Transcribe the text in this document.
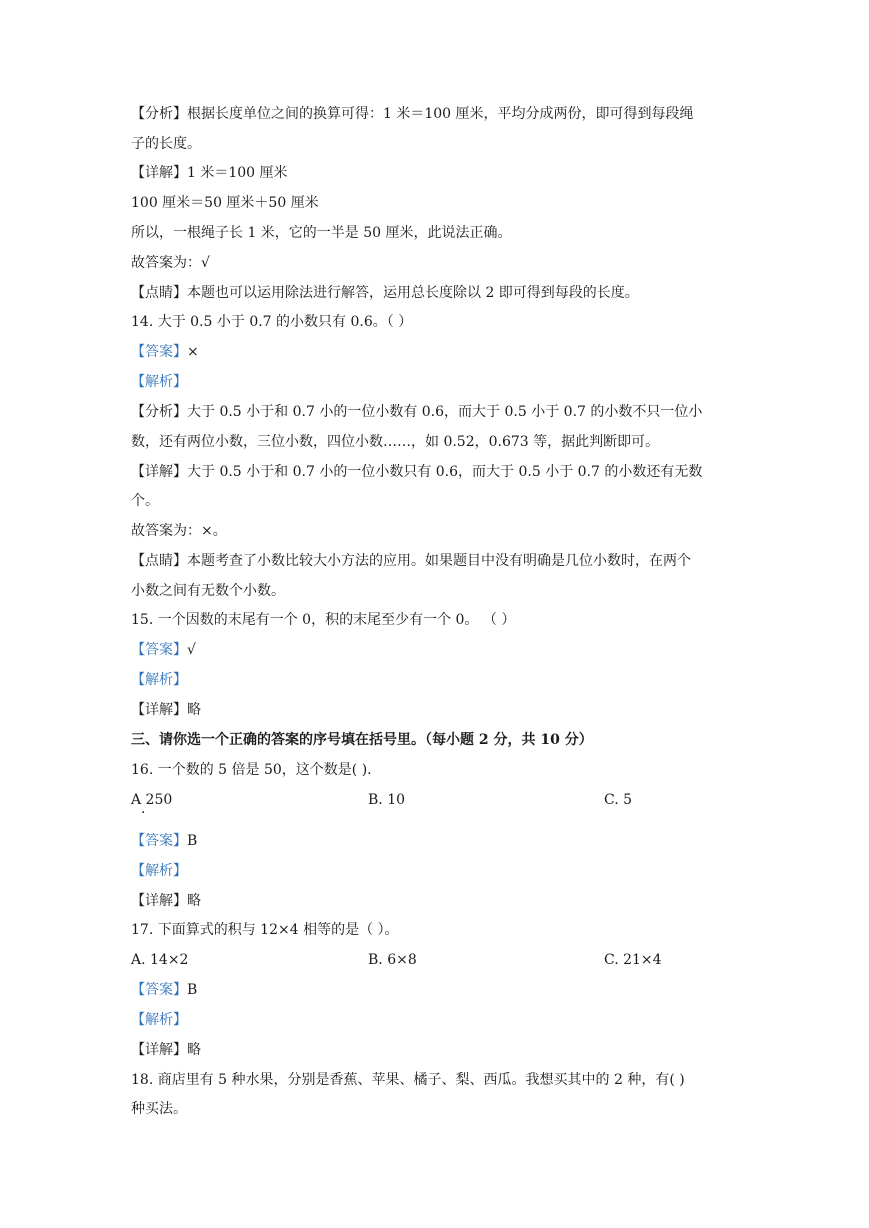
【分析】根据长度单位之间的换算可得：1 米＝100 厘米，平均分成两份，即可得到每段绳
子的长度。
【详解】1 米＝100 厘米
100 厘米＝50 厘米＋50 厘米
所以，一根绳子长 1 米，它的一半是 50 厘米，此说法正确。
故答案为：√
【点睛】本题也可以运用除法进行解答，运用总长度除以 2 即可得到每段的长度。
14. 大于 0.5 小于 0.7 的小数只有 0.6。（ ）
【答案】×
【解析】
【分析】大于 0.5 小于和 0.7 小的一位小数有 0.6，而大于 0.5 小于 0.7 的小数不只一位小
数，还有两位小数，三位小数，四位小数……，如 0.52，0.673 等，据此判断即可。
【详解】大于 0.5 小于和 0.7 小的一位小数只有 0.6，而大于 0.5 小于 0.7 的小数还有无数
个。
故答案为：×。
【点睛】本题考查了小数比较大小方法的应用。如果题目中没有明确是几位小数时，在两个
小数之间有无数个小数。
15. 一个因数的末尾有一个 0，积的末尾至少有一个 0。 （ ）
【答案】√
【解析】
【详解】略
三、请你选一个正确的答案的序号填在括号里。（每小题 2 分，共 10 分）
16. 一个数的 5 倍是 50，这个数是( ).
A 250	B. 10	C. 5
·
【答案】B
【解析】
【详解】略
17. 下面算式的积与 12×4 相等的是（ ）。
A. 14×2	B. 6×8	C. 21×4
【答案】B
【解析】
【详解】略
18. 商店里有 5 种水果，分别是香蕉、苹果、橘子、梨、西瓜。我想买其中的 2 种，有( )
种买法。
